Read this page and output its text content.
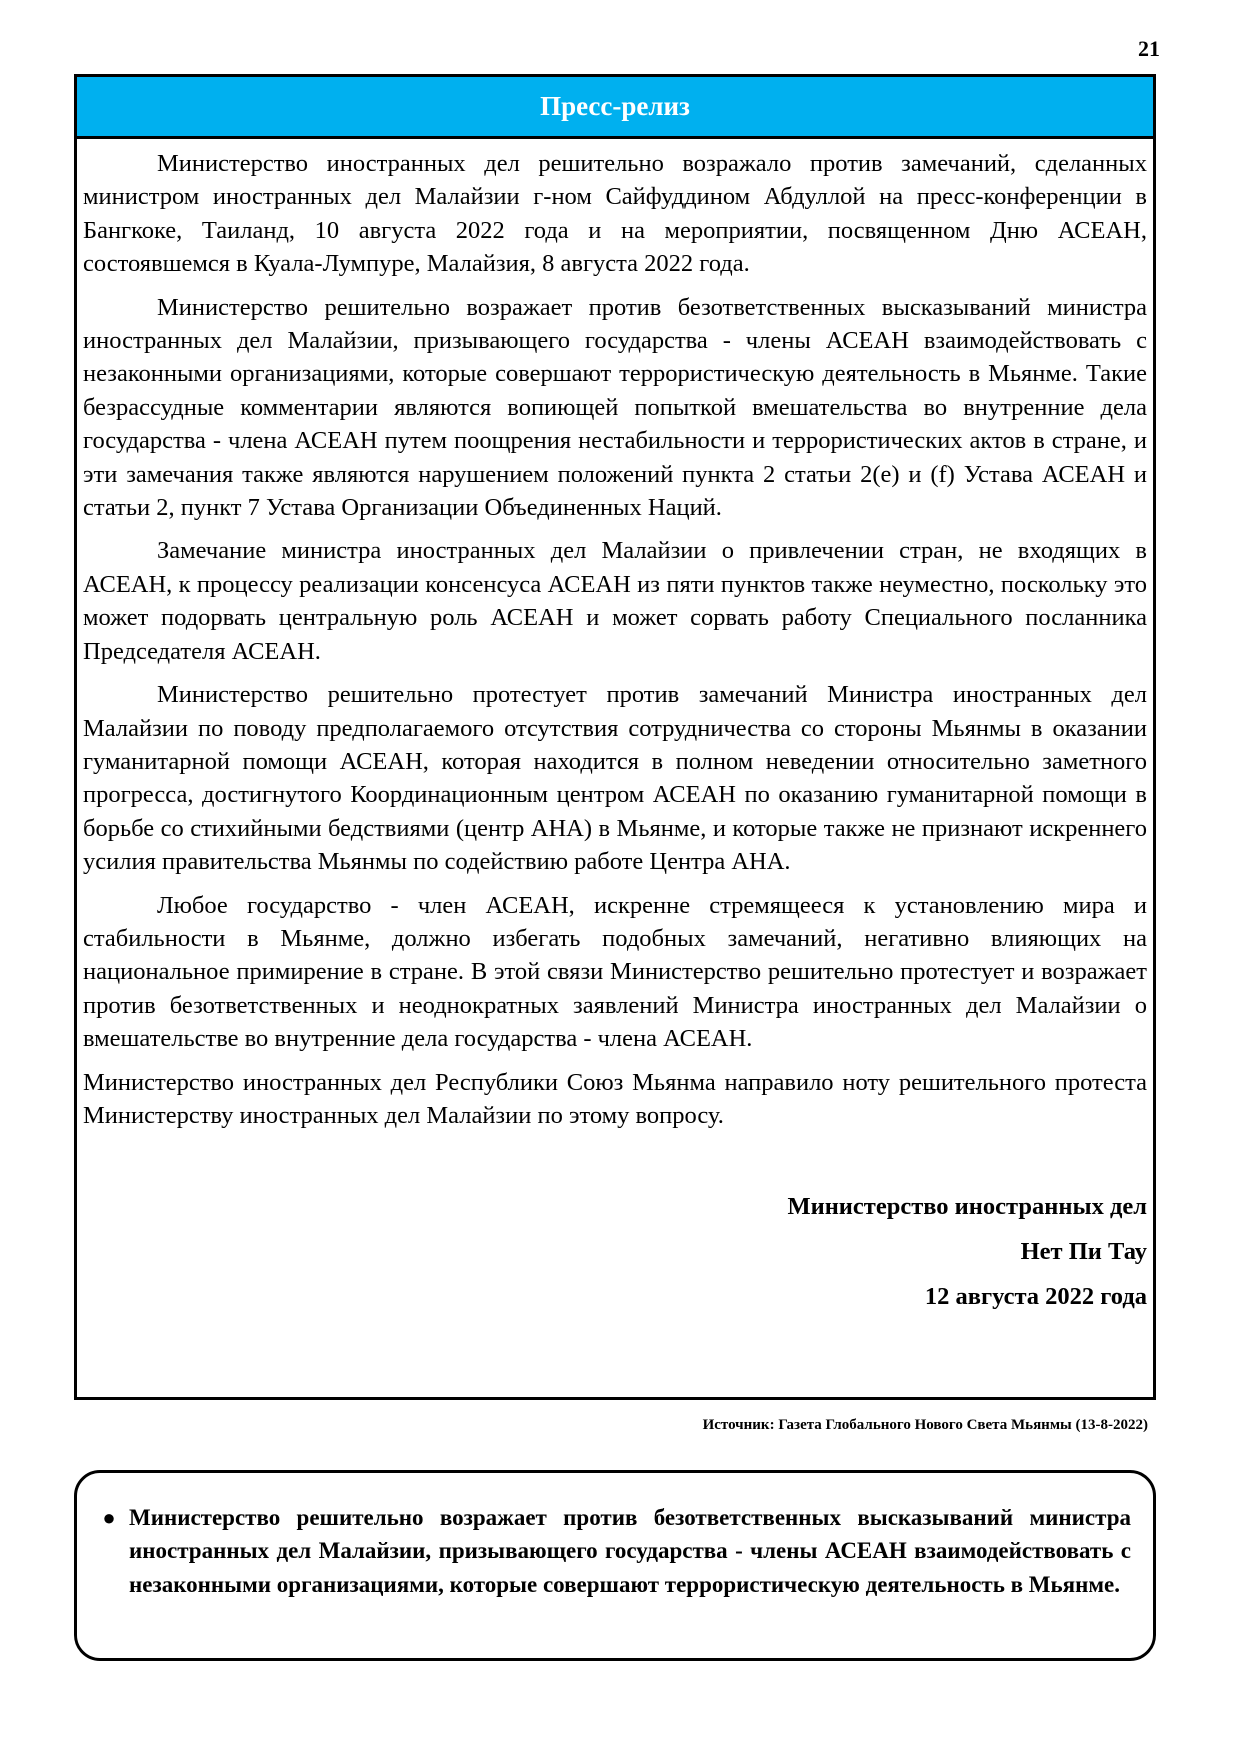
21
Пресс-релиз

Министерство иностранных дел решительно возражало против замечаний, сделанных министром иностранных дел Малайзии г-ном Сайфуддином Абдуллой на пресс-конференции в Бангкоке, Таиланд, 10 августа 2022 года и на мероприятии, посвященном Дню АСЕАН, состоявшемся в Куала-Лумпуре, Малайзия, 8 августа 2022 года.

Министерство решительно возражает против безответственных высказываний министра иностранных дел Малайзии, призывающего государства - члены АСЕАН взаимодействовать с незаконными организациями, которые совершают террористическую деятельность в Мьянме. Такие безрассудные комментарии являются вопиющей попыткой вмешательства во внутренние дела государства - члена АСЕАН путем поощрения нестабильности и террористических актов в стране, и эти замечания также являются нарушением положений пункта 2 статьи 2(e) и (f) Устава АСЕАН и статьи 2, пункт 7 Устава Организации Объединенных Наций.

Замечание министра иностранных дел Малайзии о привлечении стран, не входящих в АСЕАН, к процессу реализации консенсуса АСЕАН из пяти пунктов также неуместно, поскольку это может подорвать центральную роль АСЕАН и может сорвать работу Специального посланника Председателя АСЕАН.

Министерство решительно протестует против замечаний Министра иностранных дел Малайзии по поводу предполагаемого отсутствия сотрудничества со стороны Мьянмы в оказании гуманитарной помощи АСЕАН, которая находится в полном неведении относительно заметного прогресса, достигнутого Координационным центром АСЕАН по оказанию гуманитарной помощи в борьбе со стихийными бедствиями (центр AHA) в Мьянме, и которые также не признают искреннего усилия правительства Мьянмы по содействию работе Центра AHA.

Любое государство - член АСЕАН, искренне стремящееся к установлению мира и стабильности в Мьянме, должно избегать подобных замечаний, негативно влияющих на национальное примирение в стране. В этой связи Министерство решительно протестует и возражает против безответственных и неоднократных заявлений Министра иностранных дел Малайзии о вмешательстве во внутренние дела государства - члена АСЕАН.

Министерство иностранных дел Республики Союз Мьянма направило ноту решительного протеста Министерству иностранных дел Малайзии по этому вопросу.

Министерство иностранных дел
Нет Пи Тау
12 августа 2022 года
Источник: Газета Глобального Нового Света Мьянмы (13-8-2022)
● Министерство решительно возражает против безответственных высказываний министра иностранных дел Малайзии, призывающего государства - члены АСЕАН взаимодействовать с незаконными организациями, которые совершают террористическую деятельность в Мьянме.
